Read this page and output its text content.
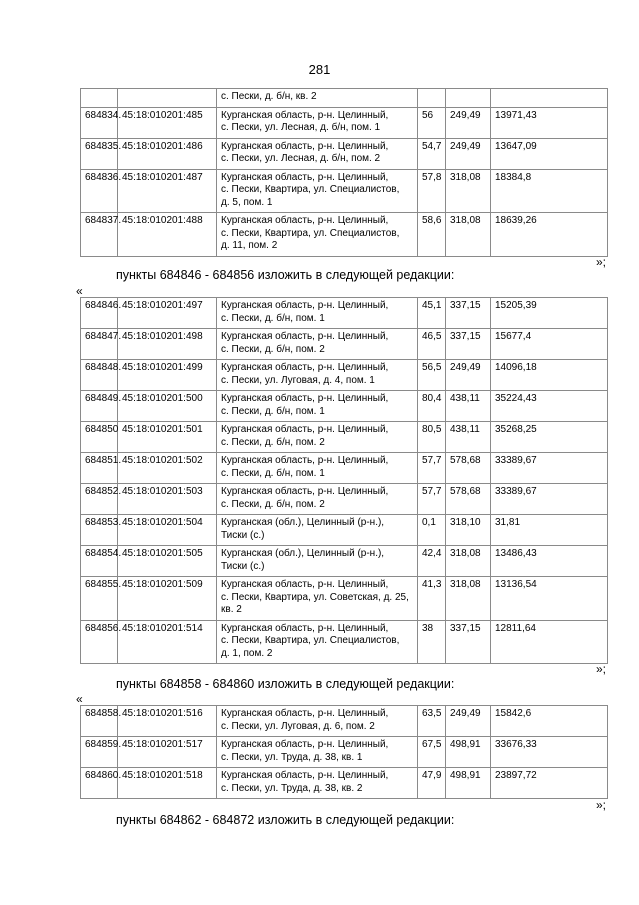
281
		с. Пески, д. б/н, кв. 2			
684834.	45:18:010201:485	Курганская область, р-н. Целинный,
с. Пески, ул. Лесная, д. б/н, пом. 1	56	249,49	13971,43
684835.	45:18:010201:486	Курганская область, р-н. Целинный,
с. Пески, ул. Лесная, д. б/н, пом. 2	54,7	249,49	13647,09
684836.	45:18:010201:487	Курганская область, р-н. Целинный,
с. Пески, Квартира, ул. Специалистов,
д. 5, пом. 1	57,8	318,08	18384,8
684837.	45:18:010201:488	Курганская область, р-н. Целинный,
с. Пески, Квартира, ул. Специалистов,
д. 11, пом. 2	58,6	318,08	18639,26
»;
пункты 684846 - 684856 изложить в следующей редакции:
«
684846.	45:18:010201:497	Курганская область, р-н. Целинный,
с. Пески, д. б/н, пом. 1	45,1	337,15	15205,39
684847.	45:18:010201:498	Курганская область, р-н. Целинный,
с. Пески, д. б/н, пом. 2	46,5	337,15	15677,4
684848.	45:18:010201:499	Курганская область, р-н. Целинный,
с. Пески, ул. Луговая, д. 4, пом. 1	56,5	249,49	14096,18
684849.	45:18:010201:500	Курганская область, р-н. Целинный,
с. Пески, д. б/н, пом. 1	80,4	438,11	35224,43
684850	45:18:010201:501	Курганская область, р-н. Целинный,
с. Пески, д. б/н, пом. 2	80,5	438,11	35268,25
684851.	45:18:010201:502	Курганская область, р-н. Целинный,
с. Пески, д. б/н, пом. 1	57,7	578,68	33389,67
684852.	45:18:010201:503	Курганская область, р-н. Целинный,
с. Пески, д. б/н, пом. 2	57,7	578,68	33389,67
684853.	45:18:010201:504	Курганская (обл.), Целинный (р-н.),
Тиски (с.)	0,1	318,10	31,81
684854.	45:18:010201:505	Курганская (обл.), Целинный (р-н.),
Тиски (с.)	42,4	318,08	13486,43
684855.	45:18:010201:509	Курганская область, р-н. Целинный,
с. Пески, Квартира, ул. Советская, д. 25,
кв. 2	41,3	318,08	13136,54
684856.	45:18:010201:514	Курганская область, р-н. Целинный,
с. Пески, Квартира, ул. Специалистов,
д. 1, пом. 2	38	337,15	12811,64
»;
пункты 684858 - 684860 изложить в следующей редакции:
«
684858.	45:18:010201:516	Курганская область, р-н. Целинный,
с. Пески, ул. Луговая, д. 6, пом. 2	63,5	249,49	15842,6
684859.	45:18:010201:517	Курганская область, р-н. Целинный,
с. Пески, ул. Труда, д. 38, кв. 1	67,5	498,91	33676,33
684860.	45:18:010201:518	Курганская область, р-н. Целинный,
с. Пески, ул. Труда, д. 38, кв. 2	47,9	498,91	23897,72
»;
пункты 684862 - 684872 изложить в следующей редакции:
